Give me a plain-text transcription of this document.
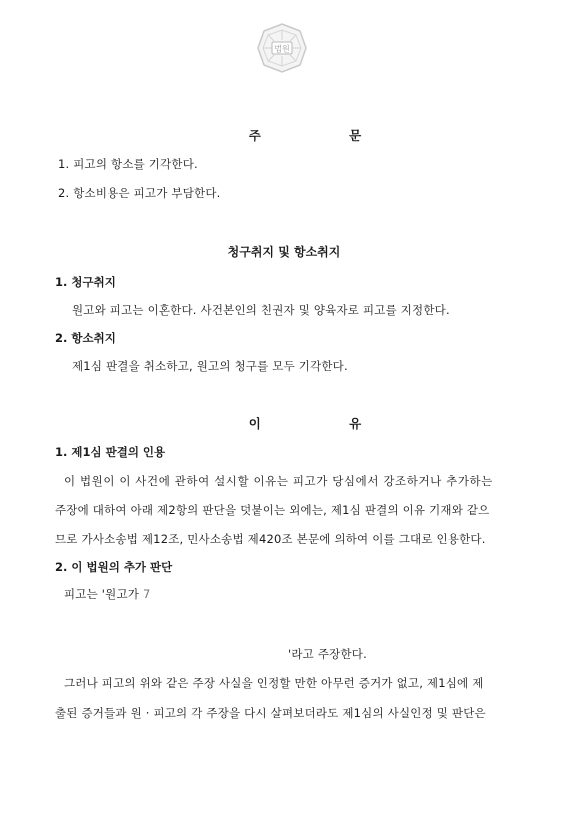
법원
주 문
1. 피고의 항소를 기각한다.
2. 항소비용은 피고가 부담한다.
청구취지 및 항소취지
1. 청구취지
원고와 피고는 이혼한다. 사건본인의 친권자 및 양육자로 피고를 지정한다.
2. 항소취지
제1심 판결을 취소하고, 원고의 청구를 모두 기각한다.
이 유
1. 제1심 판결의 인용
이 법원이 이 사건에 관하여 설시할 이유는 피고가 당심에서 강조하거나 추가하는
주장에 대하여 아래 제2항의 판단을 덧붙이는 외에는, 제1심 판결의 이유 기재와 같으
므로 가사소송법 제12조, 민사소송법 제420조 본문에 의하여 이를 그대로 인용한다.
2. 이 법원의 추가 판단
피고는 '원고가 7
'라고 주장한다.
그러나 피고의 위와 같은 주장 사실을 인정할 만한 아무런 증거가 없고, 제1심에 제
출된 증거들과 원 · 피고의 각 주장을 다시 살펴보더라도 제1심의 사실인정 및 판단은
